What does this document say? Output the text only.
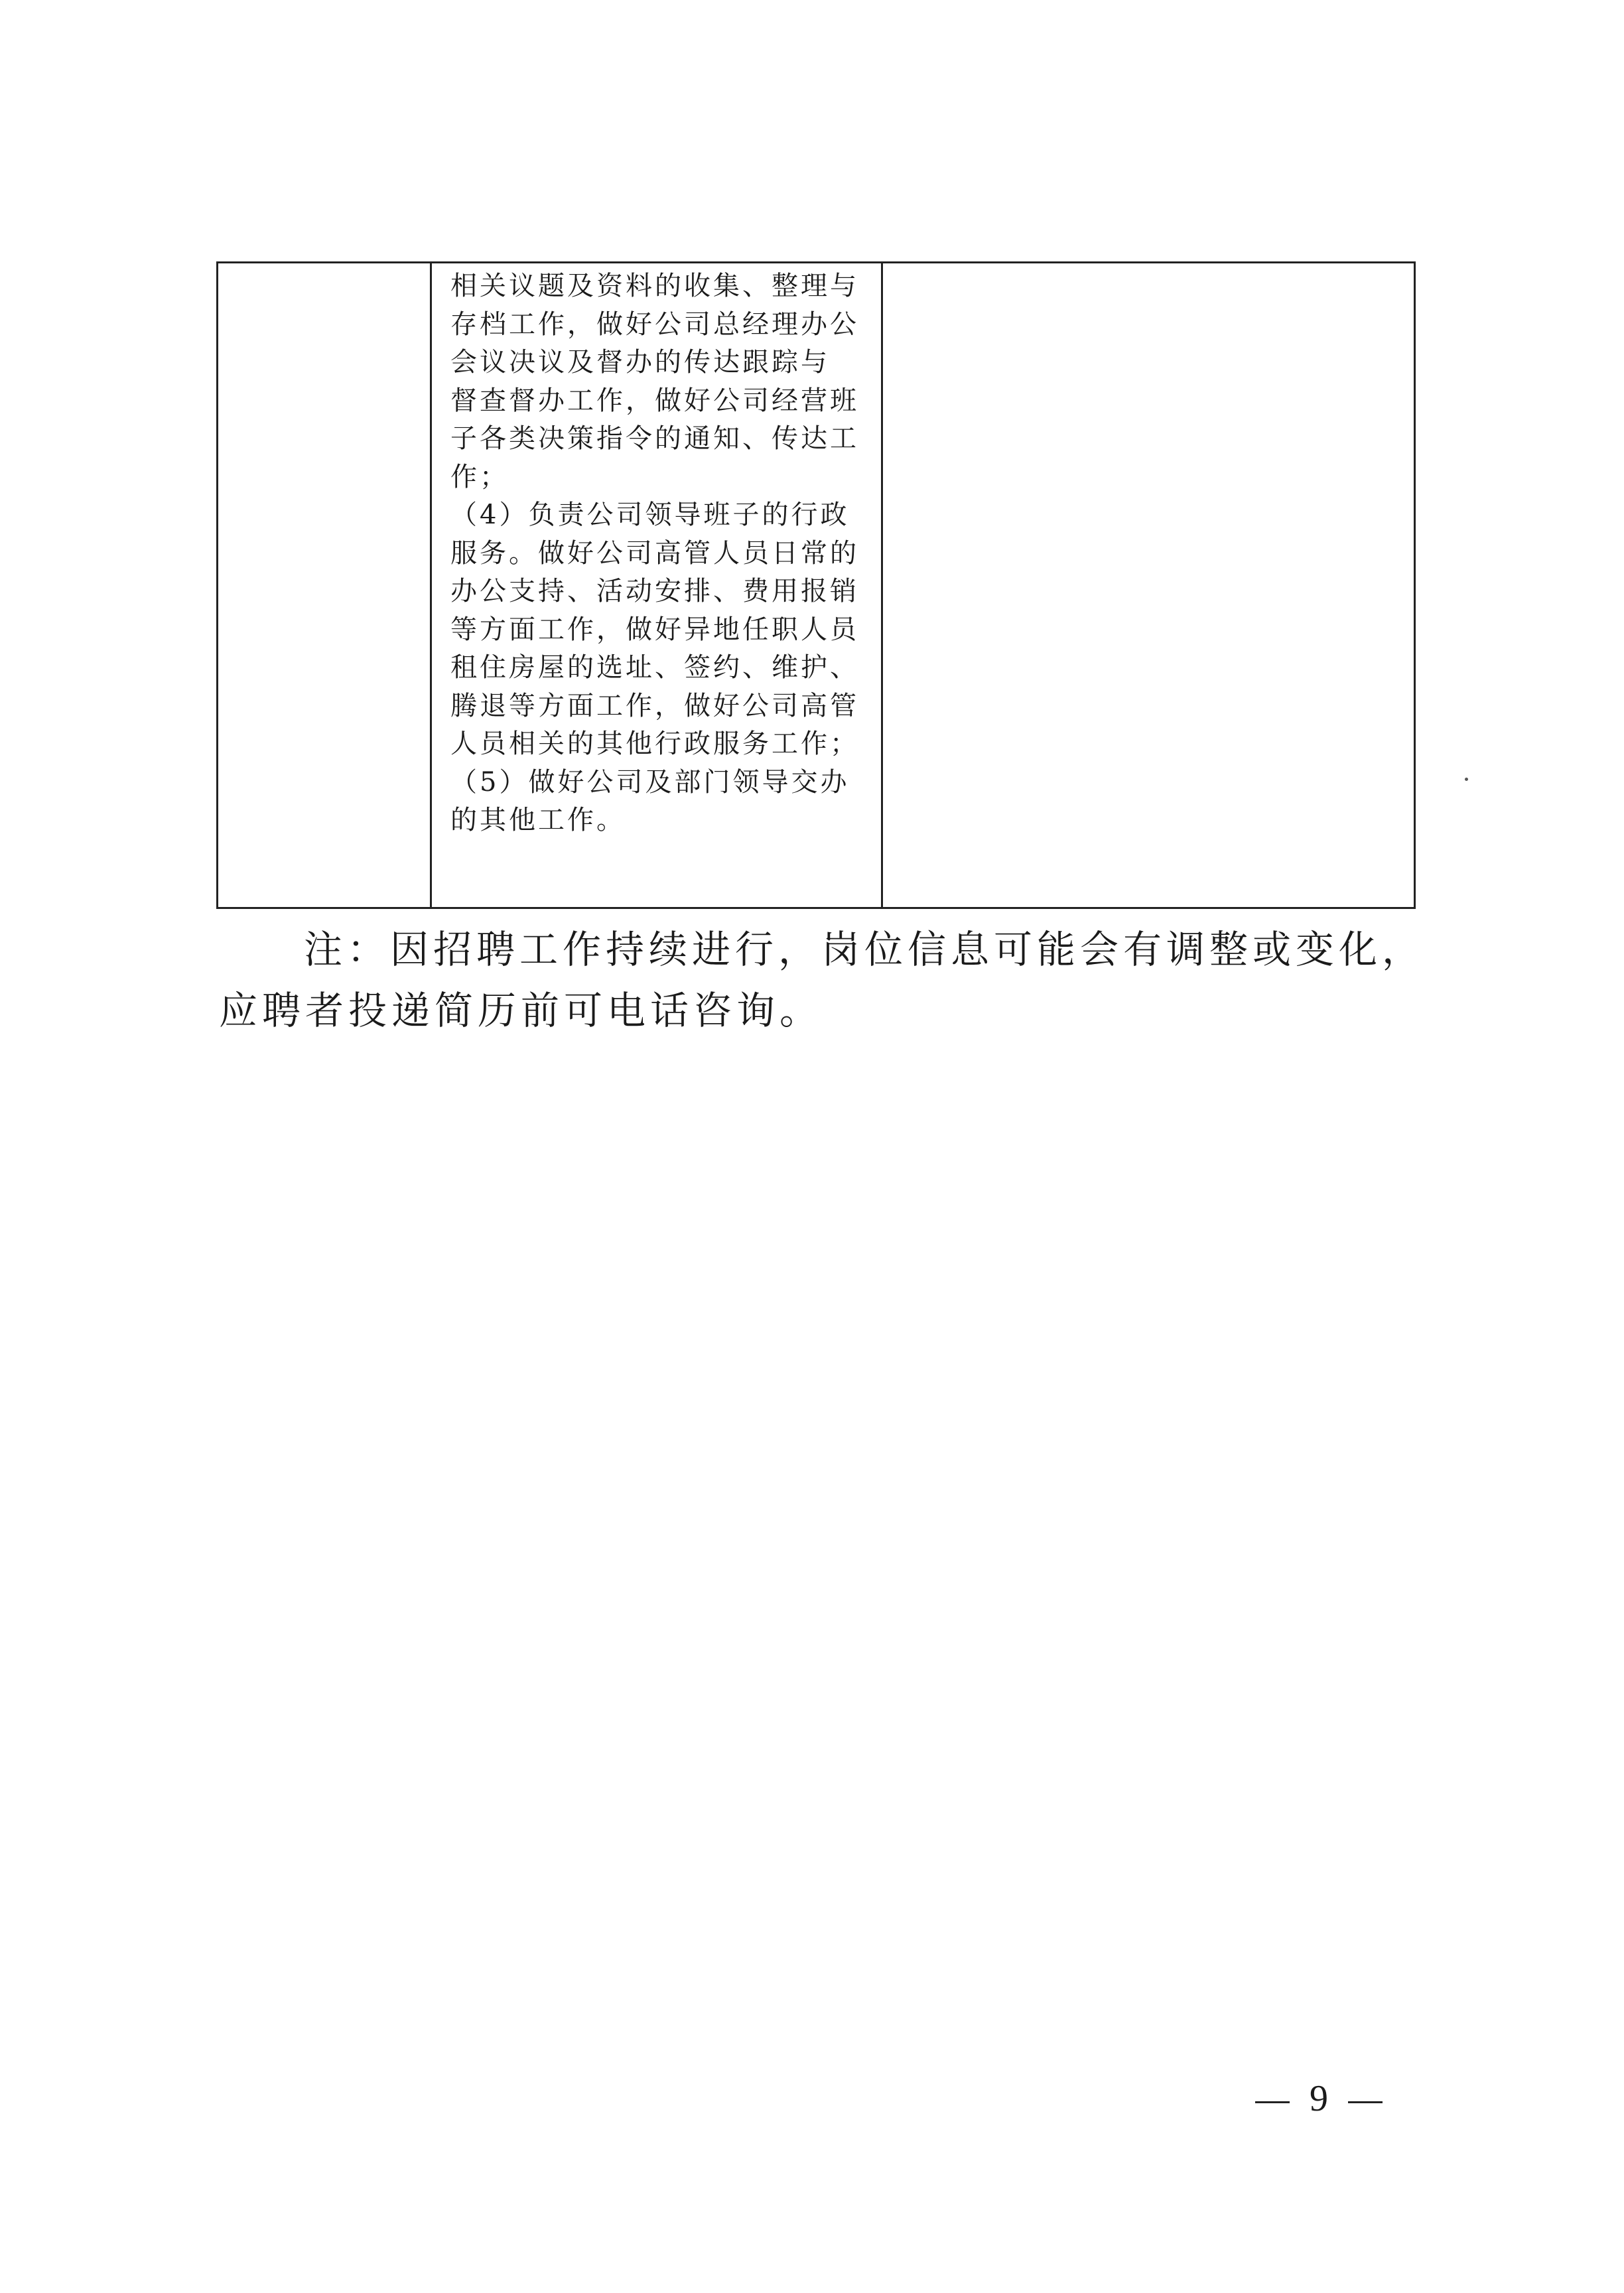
相关议题及资料的收集、整理与
存档工作，做好公司总经理办公
会议决议及督办的传达跟踪与
督查督办工作，做好公司经营班
子各类决策指令的通知、传达工
作；
（4）负责公司领导班子的行政
服务。做好公司高管人员日常的
办公支持、活动安排、费用报销
等方面工作，做好异地任职人员
租住房屋的选址、签约、维护、
腾退等方面工作，做好公司高管
人员相关的其他行政服务工作；
（5）做好公司及部门领导交办
的其他工作。
注：因招聘工作持续进行，岗位信息可能会有调整或变化，
应聘者投递简历前可电话咨询。
9
